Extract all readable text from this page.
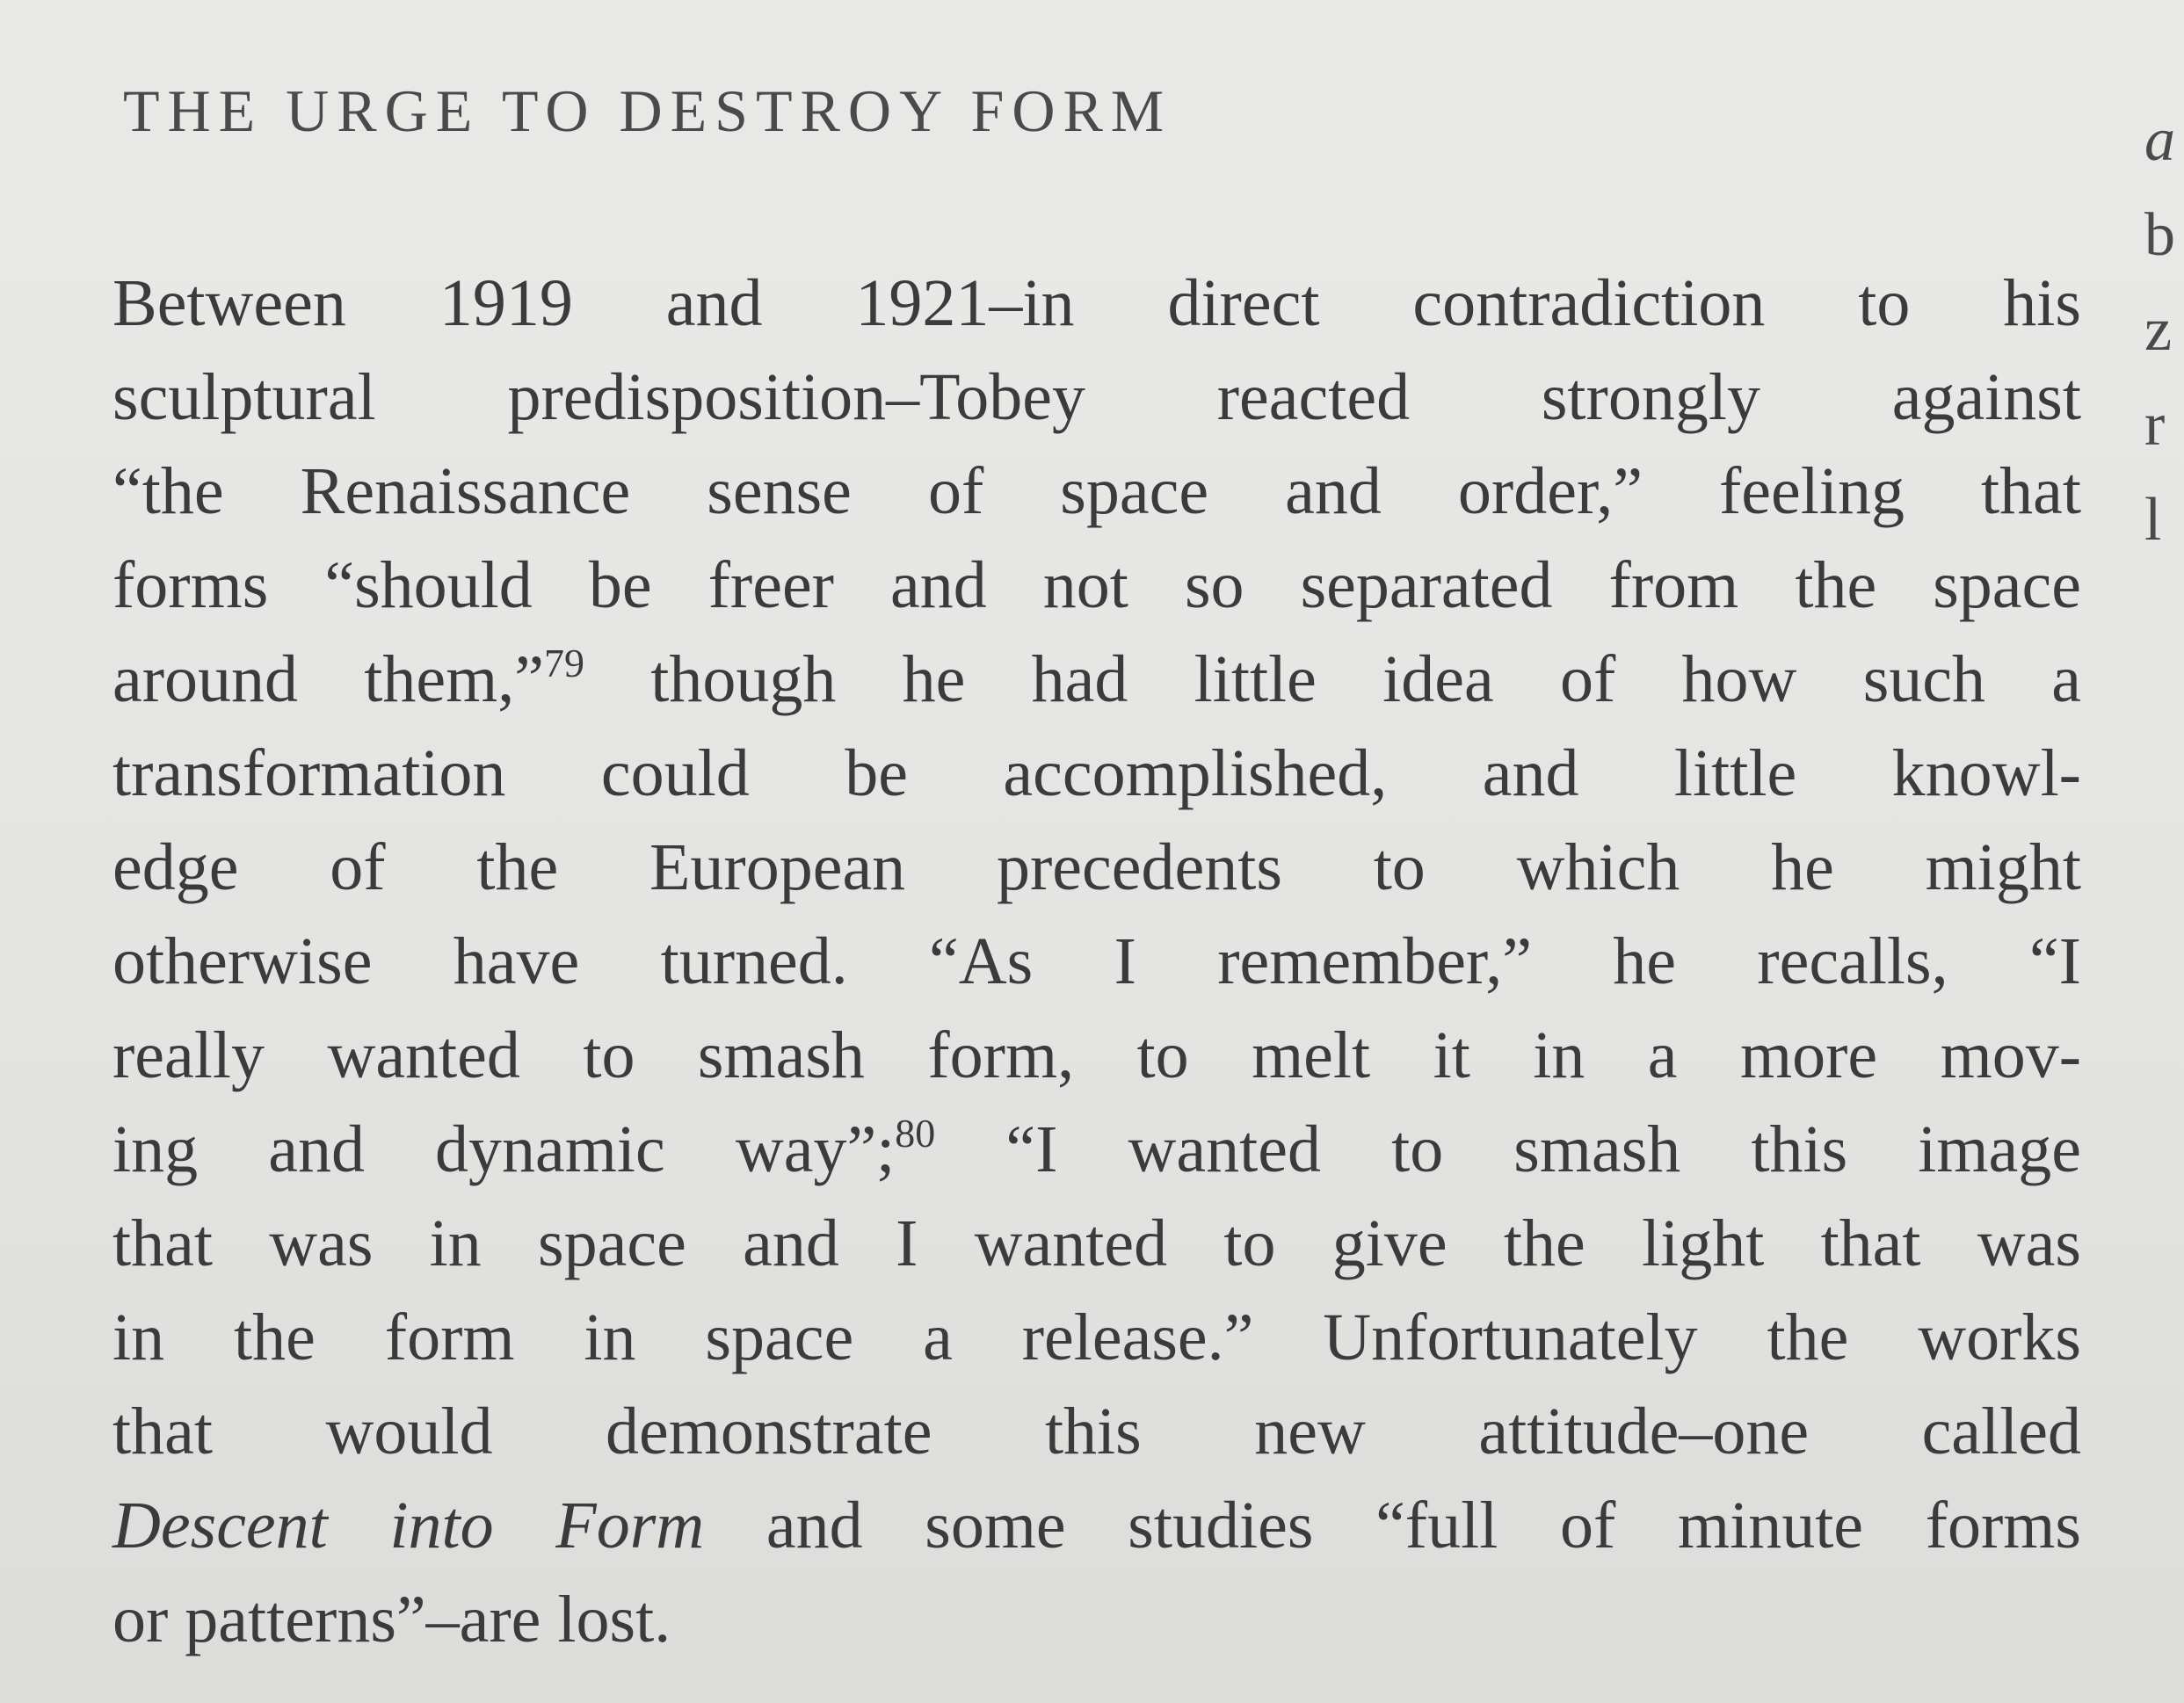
THE URGE TO DESTROY FORM
Between 1919 and 1921–in direct contradiction to his
sculptural predisposition–Tobey reacted strongly against
“the Renaissance sense of space and order,” feeling that
forms “should be freer and not so separated from the space
around them,”$^{79}$ though he had little idea of how such a
transformation could be accomplished, and little knowl-
edge of the European precedents to which he might
otherwise have turned. “As I remember,” he recalls, “I
really wanted to smash form, to melt it in a more mov-
ing and dynamic way”;$^{80}$ “I wanted to smash this image
that was in space and I wanted to give the light that was
in the form in space a release.” Unfortunately the works
that would demonstrate this new attitude–one called
Descent into Form and some studies “full of minute forms
or patterns”–are lost.
a
b
z
r
l
